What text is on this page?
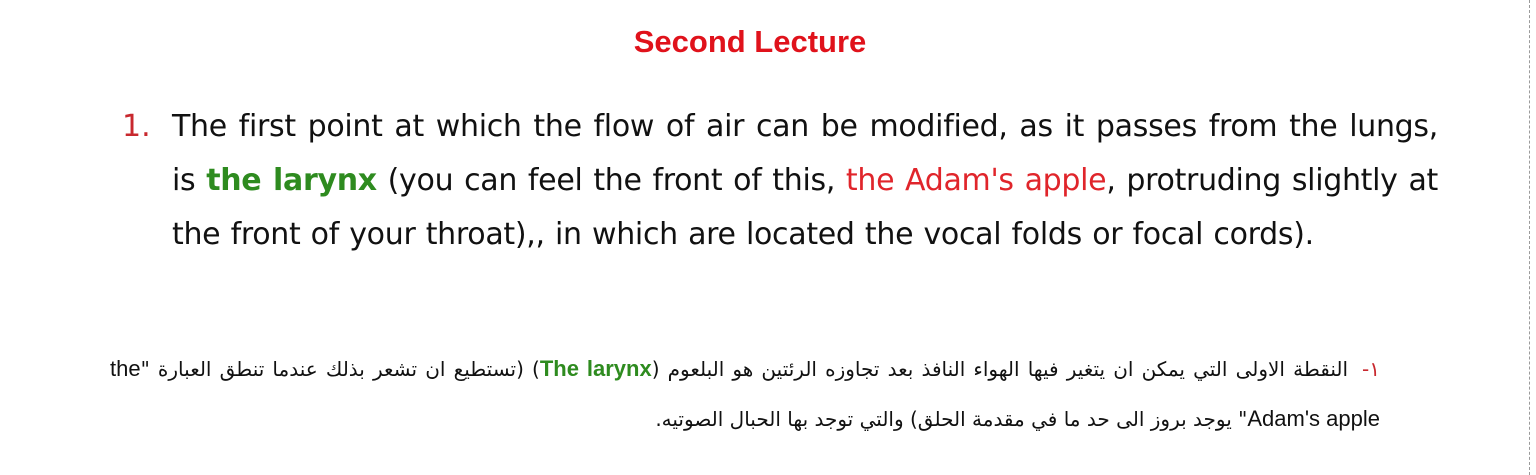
Second Lecture
1. The first point at which the flow of air can be modified, as it passes from the lungs, is the larynx (you can feel the front of this, the Adam's apple, protruding slightly at the front of your throat),, in which are located the vocal folds or focal cords).
١-النقطة الاولى التي يمكن ان يتغير فيها الهواء النافذ بعد تجاوزه الرئتين هو البلعوم (The larynx) (تستطيع ان تشعر بذلك عندما تنطق العبارة "the Adam's apple" يوجد بروز الى حد ما في مقدمة الحلق) والتي توجد بها الحبال الصوتيه.
